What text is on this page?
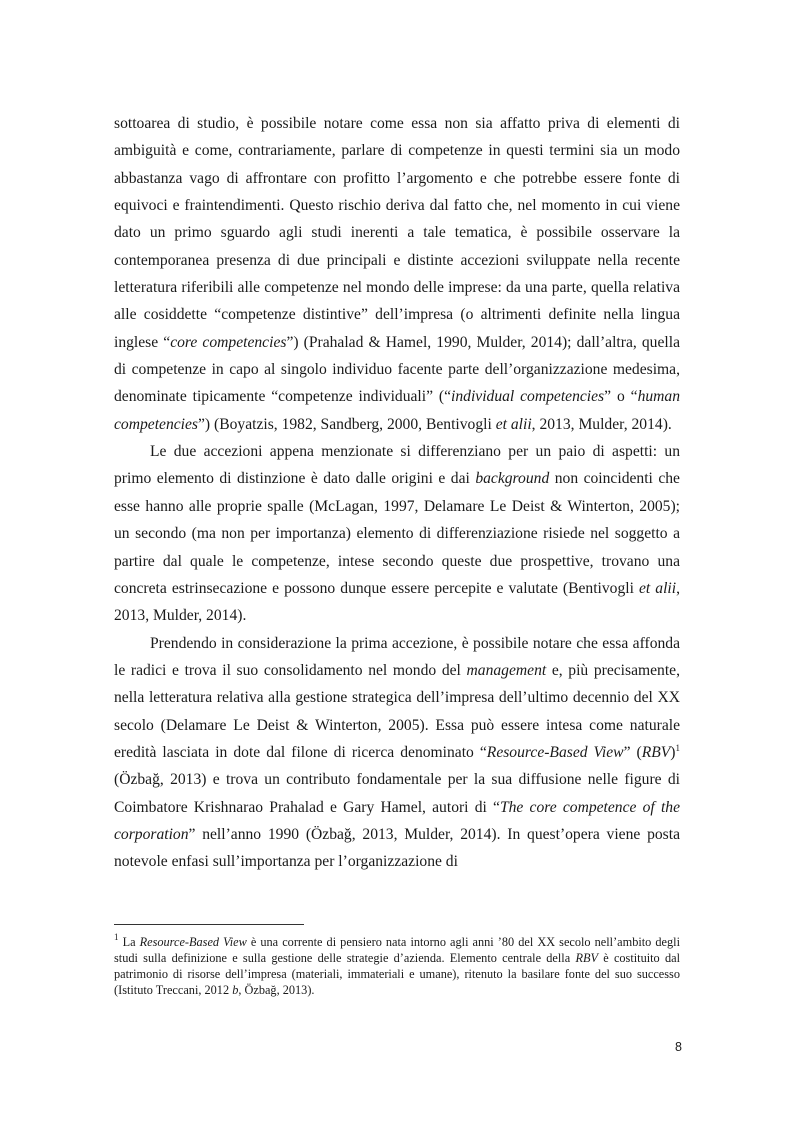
sottoarea di studio, è possibile notare come essa non sia affatto priva di elementi di ambiguità e come, contrariamente, parlare di competenze in questi termini sia un modo abbastanza vago di affrontare con profitto l’argomento e che potrebbe essere fonte di equivoci e fraintendimenti. Questo rischio deriva dal fatto che, nel momento in cui viene dato un primo sguardo agli studi inerenti a tale tematica, è possibile osservare la contemporanea presenza di due principali e distinte accezioni sviluppate nella recente letteratura riferibili alle competenze nel mondo delle imprese: da una parte, quella relativa alle cosiddette “competenze distintive” dell’impresa (o altrimenti definite nella lingua inglese “core competencies”) (Prahalad & Hamel, 1990, Mulder, 2014); dall’altra, quella di competenze in capo al singolo individuo facente parte dell’organizzazione medesima, denominate tipicamente “competenze individuali” (“individual competencies” o “human competencies”) (Boyatzis, 1982, Sandberg, 2000, Bentivogli et alii, 2013, Mulder, 2014).

Le due accezioni appena menzionate si differenziano per un paio di aspetti: un primo elemento di distinzione è dato dalle origini e dai background non coincidenti che esse hanno alle proprie spalle (McLagan, 1997, Delamare Le Deist & Winterton, 2005); un secondo (ma non per importanza) elemento di differenziazione risiede nel soggetto a partire dal quale le competenze, intese secondo queste due prospettive, trovano una concreta estrinsecazione e possono dunque essere percepite e valutate (Bentivogli et alii, 2013, Mulder, 2014).

Prendendo in considerazione la prima accezione, è possibile notare che essa affonda le radici e trova il suo consolidamento nel mondo del management e, più precisamente, nella letteratura relativa alla gestione strategica dell’impresa dell’ultimo decennio del XX secolo (Delamare Le Deist & Winterton, 2005). Essa può essere intesa come naturale eredità lasciata in dote dal filone di ricerca denominato “Resource-Based View” (RBV)$^1$ (Özbağ, 2013) e trova un contributo fondamentale per la sua diffusione nelle figure di Coimbatore Krishnarao Prahalad e Gary Hamel, autori di “The core competence of the corporation” nell’anno 1990 (Özbağ, 2013, Mulder, 2014). In quest’opera viene posta notevole enfasi sull’importanza per l’organizzazione di

$^1$ La Resource-Based View è una corrente di pensiero nata intorno agli anni ’80 del XX secolo nell’ambito degli studi sulla definizione e sulla gestione delle strategie d’azienda. Elemento centrale della RBV è costituito dal patrimonio di risorse dell’impresa (materiali, immateriali e umane), ritenuto la basilare fonte del suo successo (Istituto Treccani, 2012 b, Özbağ, 2013).

8
